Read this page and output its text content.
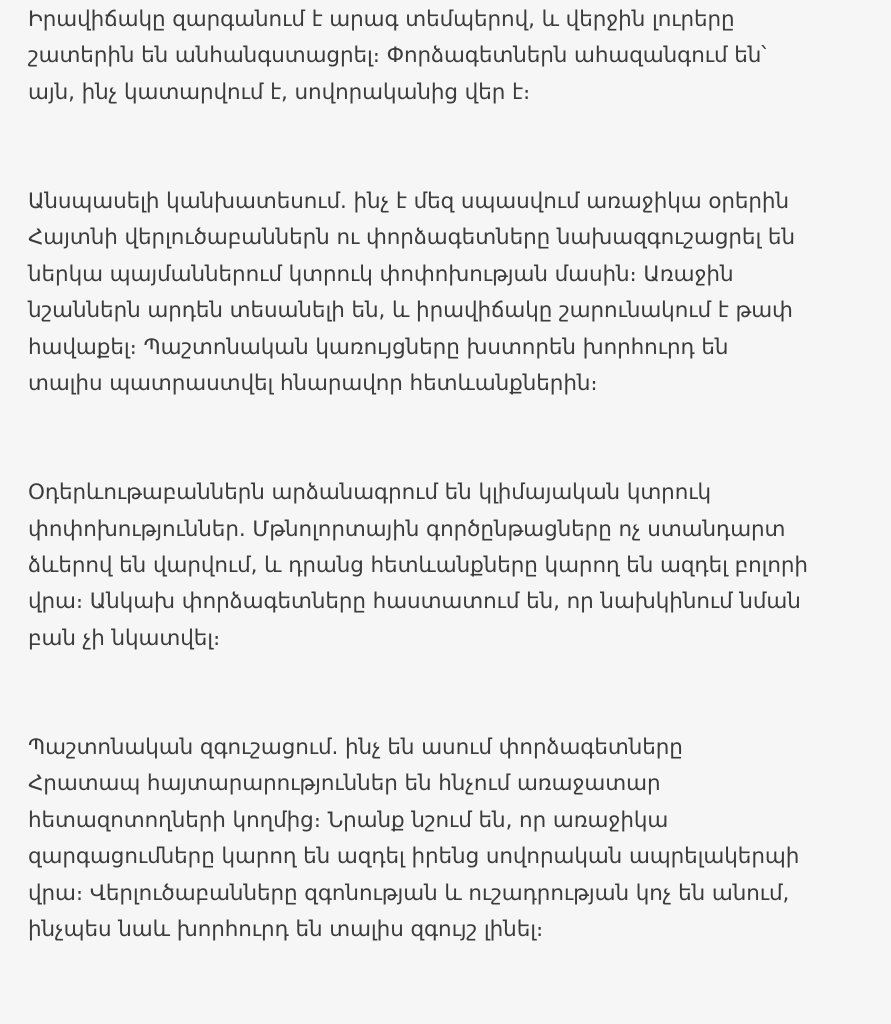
Իրավիճակը զարգանում է արագ տեմպերով, և վերջին լուրերը
շատերին են անհանգստացրել։ Փորձագետներն ահազանգում են՝
այն, ինչ կատարվում է, սովորականից վեր է։

Անսպասելի կանխատեսում. ինչ է մեզ սպասվում առաջիկա օրերին
Հայտնի վերլուծաբաններն ու փորձագետները նախազգուշացրել են
ներկա պայմաններում կտրուկ փոփոխության մասին։ Առաջին
նշաններն արդեն տեսանելի են, և իրավիճակը շարունակում է թափ
հավաքել։ Պաշտոնական կառույցները խստորեն խորհուրդ են
տալիս պատրաստվել հնարավոր հետևանքներին։

Օդերևութաբաններն արձանագրում են կլիմայական կտրուկ
փոփոխություններ. Մթնոլորտային գործընթացները ոչ ստանդարտ
ձևերով են վարվում, և դրանց հետևանքները կարող են ազդել բոլորի
վրա։ Անկախ փորձագետները հաստատում են, որ նախկինում նման
բան չի նկատվել։

Պաշտոնական զգուշացում. ինչ են ասում փորձագետները
Հրատապ հայտարարություններ են հնչում առաջատար
հետազոտողների կողմից։ Նրանք նշում են, որ առաջիկա
զարգացումները կարող են ազդել իրենց սովորական ապրելակերպի
վրա։ Վերլուծաբանները զգոնության և ուշադրության կոչ են անում,
ինչպես նաև խորհուրդ են տալիս զգույշ լինել։
